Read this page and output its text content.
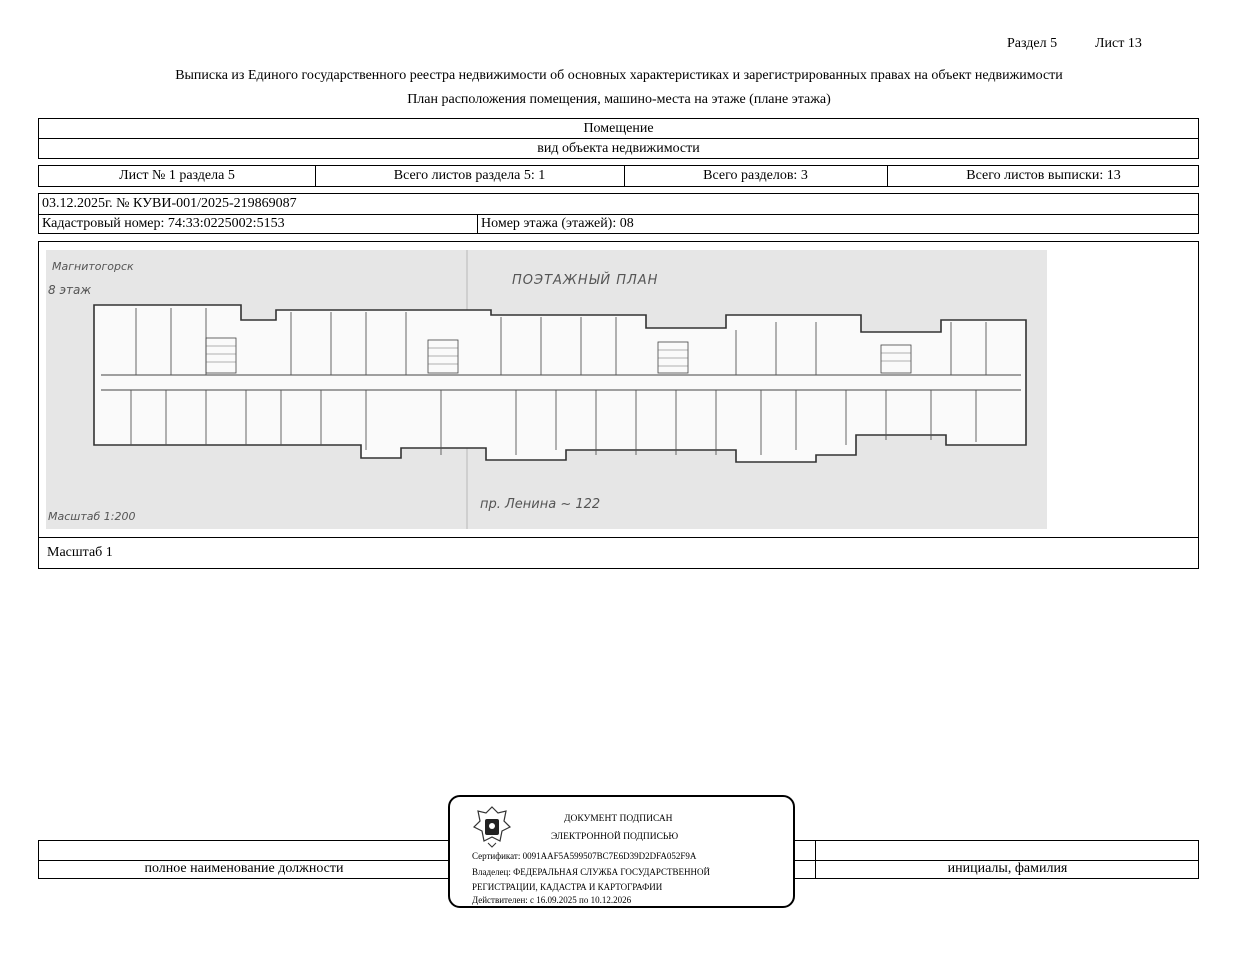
Раздел 5	Лист 13
Выписка из Единого государственного реестра недвижимости об основных характеристиках и зарегистрированных правах на объект недвижимости
План расположения помещения, машино-места на этаже (плане этажа)
Помещение
вид объекта недвижимости
Лист № 1 раздела 5	Всего листов раздела 5: 1	Всего разделов: 3	Всего листов выписки: 13
03.12.2025г. № КУВИ-001/2025-219869087
Кадастровый номер: 74:33:0225002:5153	Номер этажа (этажей): 08
Масштаб 1
Магнитогорск
8 этаж
ПОЭТАЖНЫЙ ПЛАН
пр. Ленина ~ 122
Масштаб 1:200
полное наименование должности	инициалы, фамилия
ДОКУМЕНТ ПОДПИСАН
ЭЛЕКТРОННОЙ ПОДПИСЬЮ
Сертификат: 0091AAF5A599507BC7E6D39D2DFA052F9A
Владелец: ФЕДЕРАЛЬНАЯ СЛУЖБА ГОСУДАРСТВЕННОЙ
РЕГИСТРАЦИИ, КАДАСТРА И КАРТОГРАФИИ
Действителен: с 16.09.2025 по 10.12.2026
